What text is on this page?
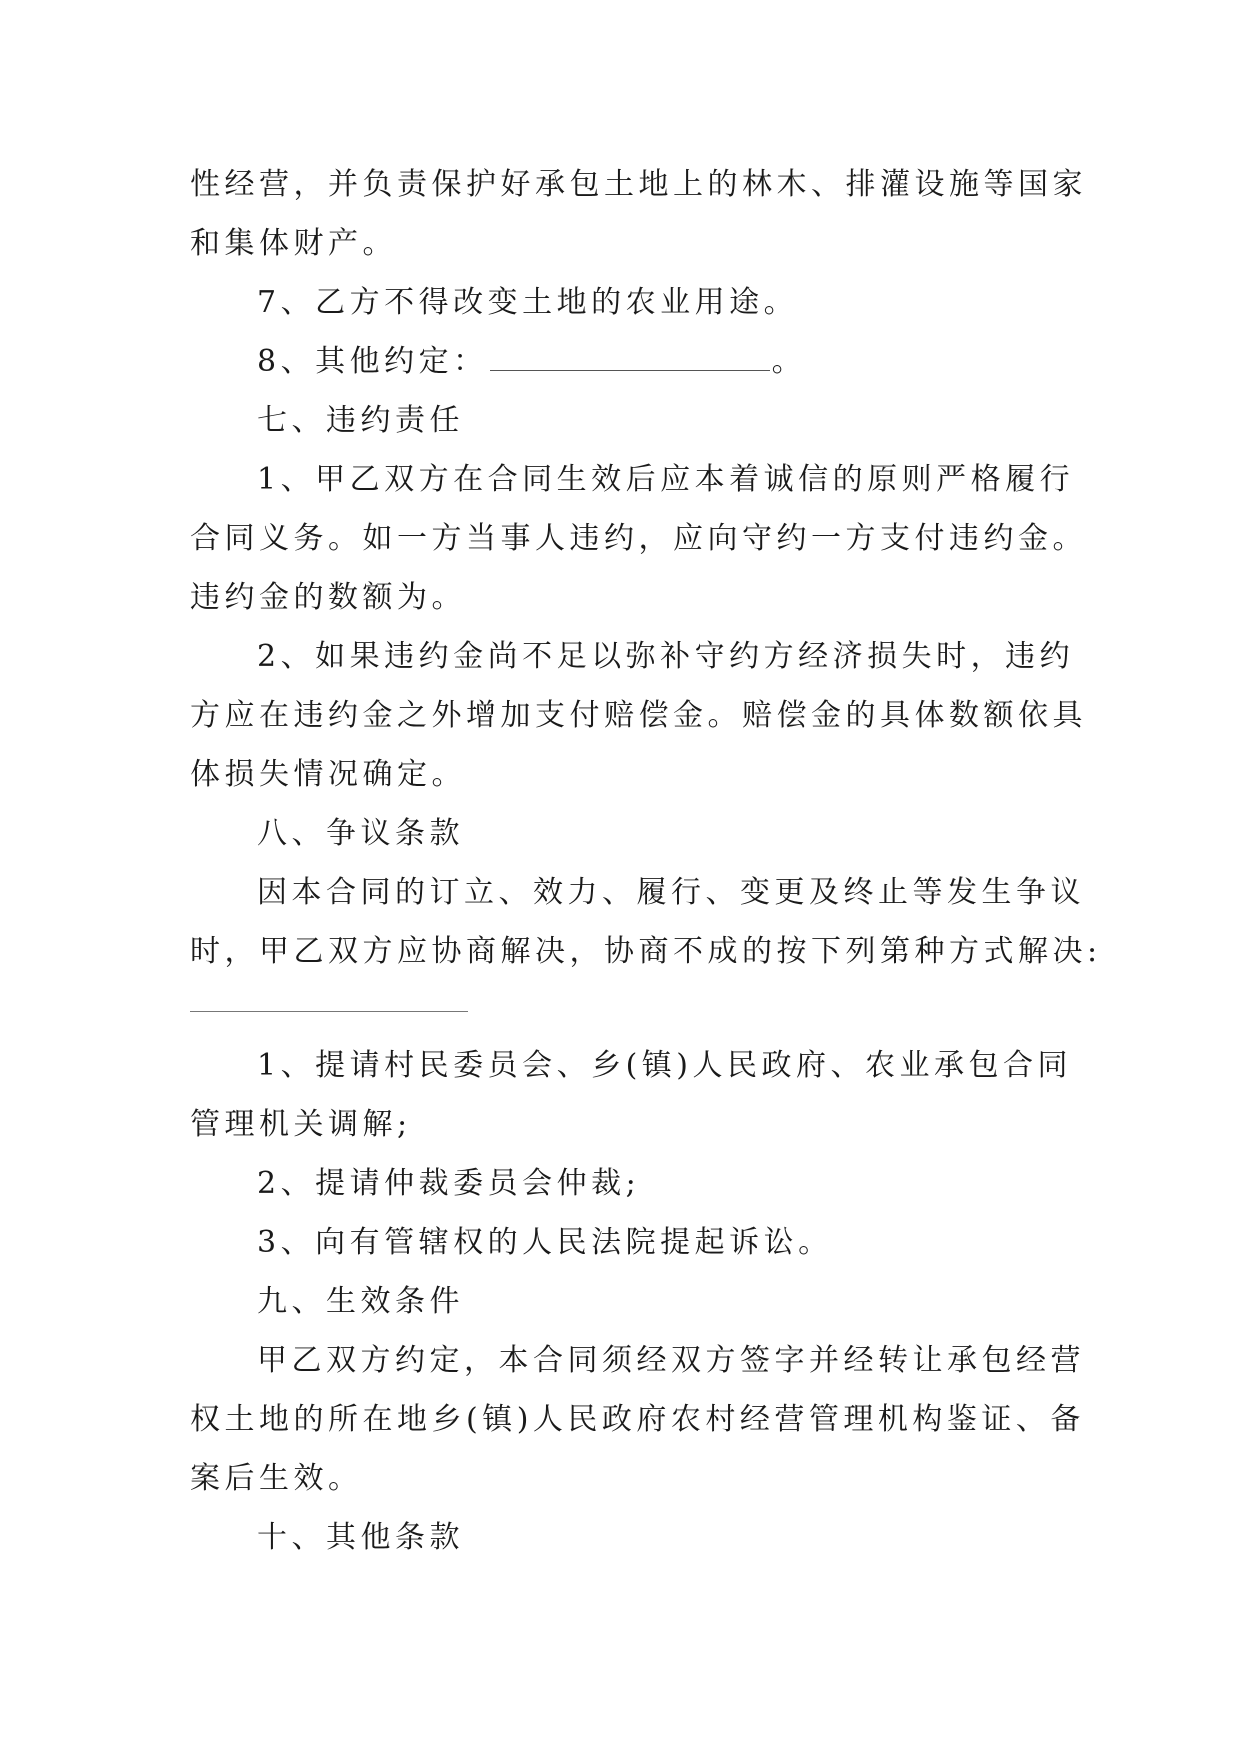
性经营，并负责保护好承包土地上的林木、排灌设施等国家
和集体财产。
7、乙方不得改变土地的农业用途。
8、其他约定：	。
七、违约责任
1、甲乙双方在合同生效后应本着诚信的原则严格履行
合同义务。如一方当事人违约，应向守约一方支付违约金。
违约金的数额为。
2、如果违约金尚不足以弥补守约方经济损失时，违约
方应在违约金之外增加支付赔偿金。赔偿金的具体数额依具
体损失情况确定。
八、争议条款
因本合同的订立、效力、履行、变更及终止等发生争议
时，甲乙双方应协商解决，协商不成的按下列第种方式解决:
1、提请村民委员会、乡(镇)人民政府、农业承包合同
管理机关调解;
2、提请仲裁委员会仲裁;
3、向有管辖权的人民法院提起诉讼。
九、生效条件
甲乙双方约定，本合同须经双方签字并经转让承包经营
权土地的所在地乡(镇)人民政府农村经营管理机构鉴证、备
案后生效。
十、其他条款
